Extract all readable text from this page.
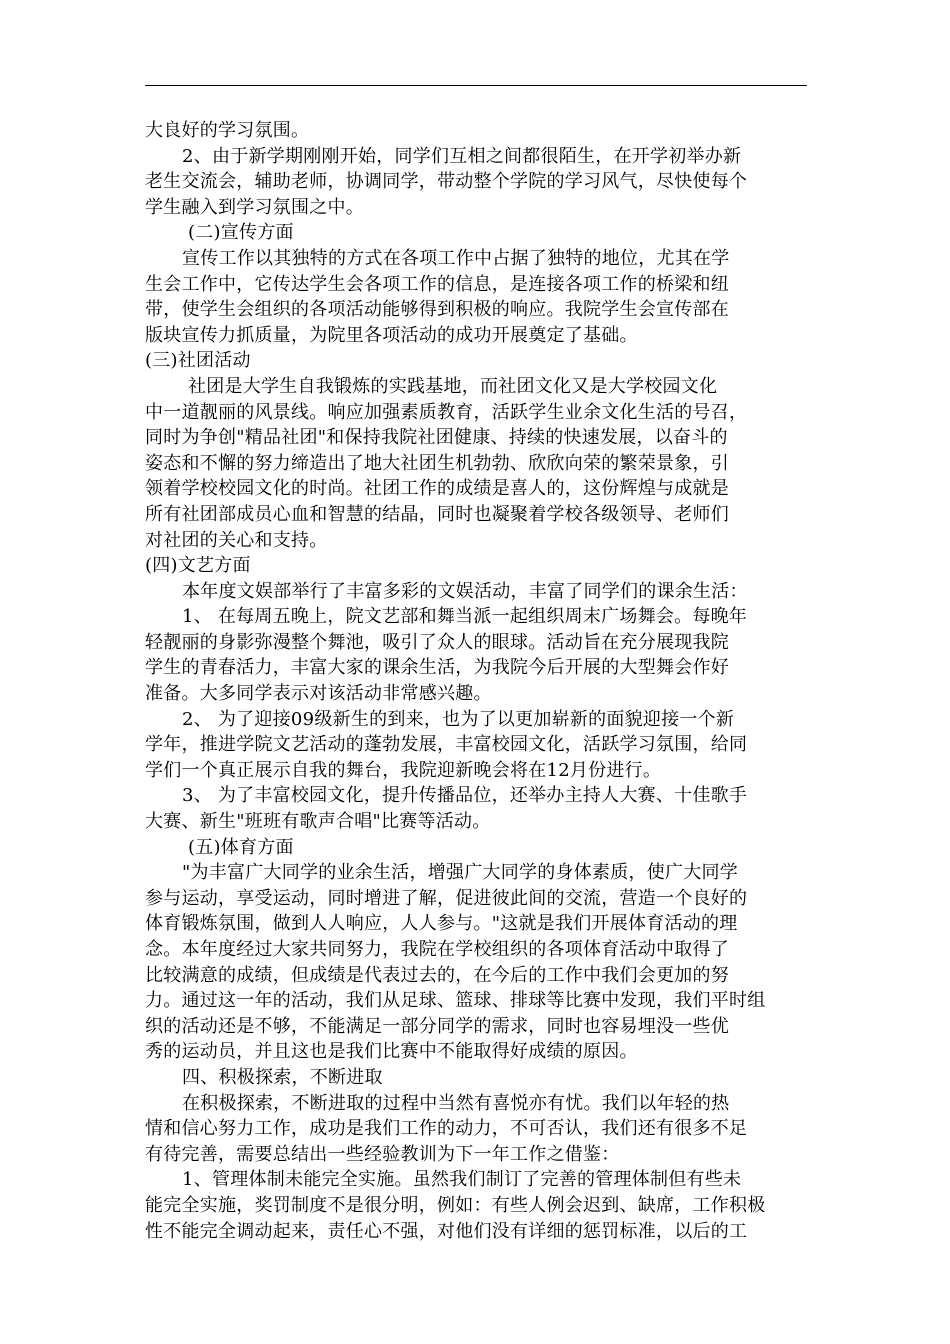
大良好的学习氛围。
2、由于新学期刚刚开始，同学们互相之间都很陌生，在开学初举办新
老生交流会，辅助老师，协调同学，带动整个学院的学习风气，尽快使每个
学生融入到学习氛围之中。
(二)宣传方面
宣传工作以其独特的方式在各项工作中占据了独特的地位，尤其在学
生会工作中，它传达学生会各项工作的信息，是连接各项工作的桥梁和纽
带，使学生会组织的各项活动能够得到积极的响应。我院学生会宣传部在
版块宣传力抓质量，为院里各项活动的成功开展奠定了基础。
(三)社团活动
社团是大学生自我锻炼的实践基地，而社团文化又是大学校园文化
中一道靓丽的风景线。响应加强素质教育，活跃学生业余文化生活的号召，
同时为争创"精品社团"和保持我院社团健康、持续的快速发展，以奋斗的
姿态和不懈的努力缔造出了地大社团生机勃勃、欣欣向荣的繁荣景象，引
领着学校校园文化的时尚。社团工作的成绩是喜人的，这份辉煌与成就是
所有社团部成员心血和智慧的结晶，同时也凝聚着学校各级领导、老师们
对社团的关心和支持。
(四)文艺方面
本年度文娱部举行了丰富多彩的文娱活动，丰富了同学们的课余生活：
1、 在每周五晚上，院文艺部和舞当派一起组织周末广场舞会。每晚年
轻靓丽的身影弥漫整个舞池，吸引了众人的眼球。活动旨在充分展现我院
学生的青春活力，丰富大家的课余生活，为我院今后开展的大型舞会作好
准备。大多同学表示对该活动非常感兴趣。
2、 为了迎接09级新生的到来，也为了以更加崭新的面貌迎接一个新
学年，推进学院文艺活动的蓬勃发展，丰富校园文化，活跃学习氛围，给同
学们一个真正展示自我的舞台，我院迎新晚会将在12月份进行。
3、 为了丰富校园文化，提升传播品位，还举办主持人大赛、十佳歌手
大赛、新生"班班有歌声合唱"比赛等活动。
(五)体育方面
"为丰富广大同学的业余生活，增强广大同学的身体素质，使广大同学
参与运动，享受运动，同时增进了解，促进彼此间的交流，营造一个良好的
体育锻炼氛围，做到人人响应，人人参与。"这就是我们开展体育活动的理
念。本年度经过大家共同努力，我院在学校组织的各项体育活动中取得了
比较满意的成绩，但成绩是代表过去的，在今后的工作中我们会更加的努
力。通过这一年的活动，我们从足球、篮球、排球等比赛中发现，我们平时组
织的活动还是不够，不能满足一部分同学的需求，同时也容易埋没一些优
秀的运动员，并且这也是我们比赛中不能取得好成绩的原因。
四、积极探索，不断进取
在积极探索，不断进取的过程中当然有喜悦亦有忧。我们以年轻的热
情和信心努力工作，成功是我们工作的动力，不可否认，我们还有很多不足
有待完善，需要总结出一些经验教训为下一年工作之借鉴：
1、管理体制未能完全实施。虽然我们制订了完善的管理体制但有些未
能完全实施，奖罚制度不是很分明，例如：有些人例会迟到、缺席，工作积极
性不能完全调动起来，责任心不强，对他们没有详细的惩罚标准，以后的工
